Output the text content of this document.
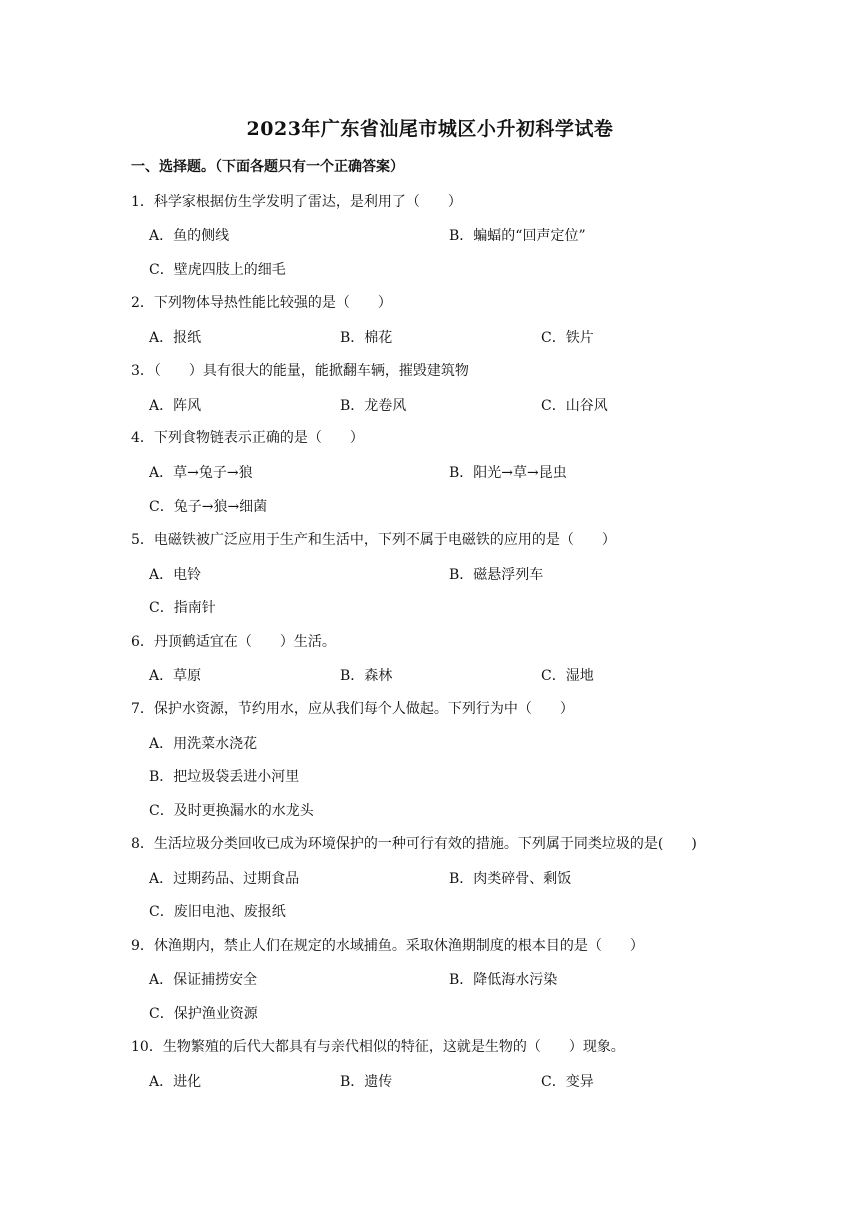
2023年广东省汕尾市城区小升初科学试卷
一、选择题。（下面各题只有一个正确答案）
1．科学家根据仿生学发明了雷达，是利用了（　　）
A．鱼的侧线	B．蝙蝠的“回声定位”
C．壁虎四肢上的细毛
2．下列物体导热性能比较强的是（　　）
A．报纸	B．棉花	C．铁片
3．（　　）具有很大的能量，能掀翻车辆，摧毁建筑物
A．阵风	B．龙卷风	C．山谷风
4．下列食物链表示正确的是（　　）
A．草→兔子→狼	B．阳光→草→昆虫
C．兔子→狼→细菌
5．电磁铁被广泛应用于生产和生活中，下列不属于电磁铁的应用的是（　　）
A．电铃	B．磁悬浮列车
C．指南针
6．丹顶鹤适宜在（　　）生活。
A．草原	B．森林	C．湿地
7．保护水资源，节约用水，应从我们每个人做起。下列行为中（　　）
A．用洗菜水浇花
B．把垃圾袋丢进小河里
C．及时更换漏水的水龙头
8．生活垃圾分类回收已成为环境保护的一种可行有效的措施。下列属于同类垃圾的是(　　)
A．过期药品、过期食品	B．肉类碎骨、剩饭
C．废旧电池、废报纸
9．休渔期内，禁止人们在规定的水域捕鱼。采取休渔期制度的根本目的是（　　）
A．保证捕捞安全	B．降低海水污染
C．保护渔业资源
10．生物繁殖的后代大都具有与亲代相似的特征，这就是生物的（　　）现象。
A．进化	B．遗传	C．变异
